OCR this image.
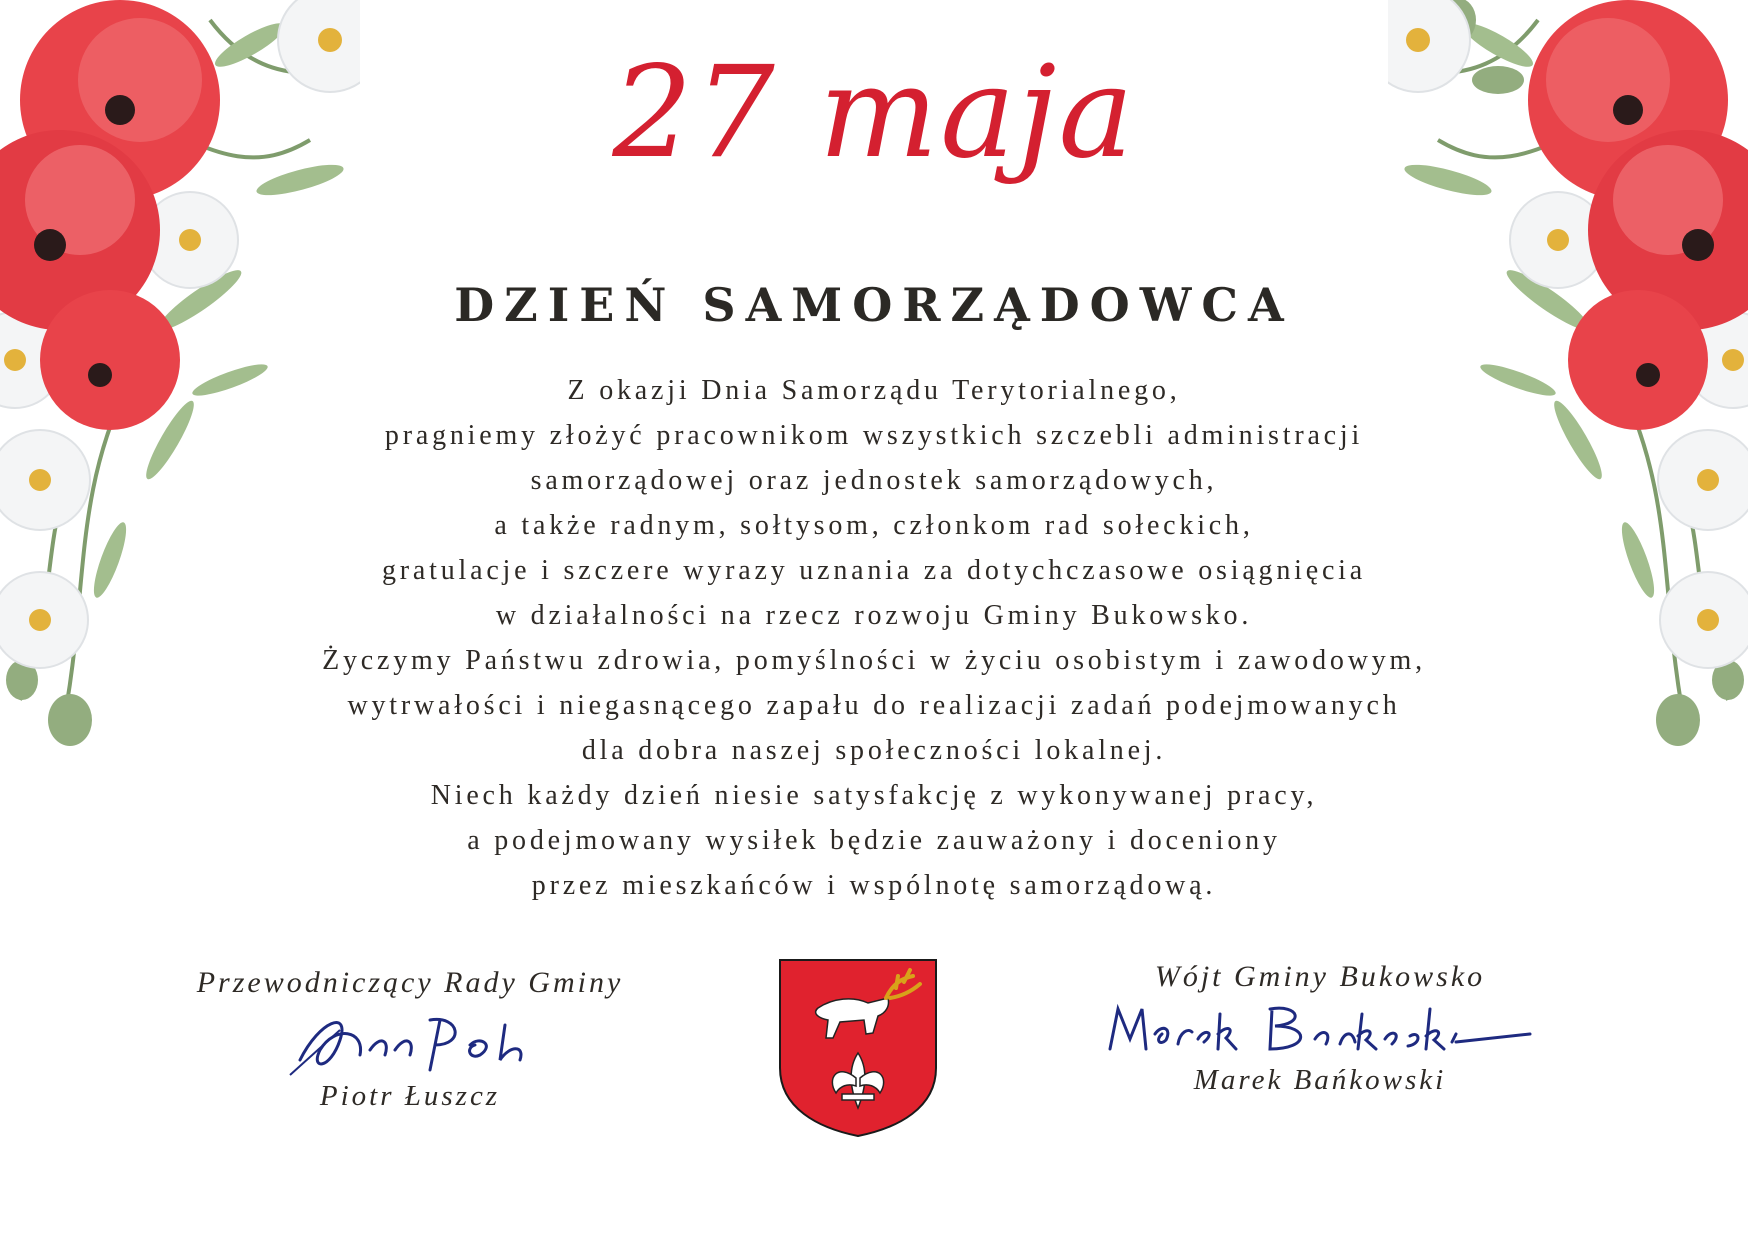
27 maja
DZIEŃ SAMORZĄDOWCA
Z okazji Dnia Samorządu Terytorialnego,
pragniemy złożyć pracownikom wszystkich szczebli administracji
samorządowej oraz jednostek samorządowych,
a także radnym, sołtysom, członkom rad sołeckich,
gratulacje i szczere wyrazy uznania za dotychczasowe osiągnięcia
w działalności na rzecz rozwoju Gminy Bukowsko.
Życzymy Państwu zdrowia, pomyślności w życiu osobistym i zawodowym,
wytrwałości i niegasnącego zapału do realizacji zadań podejmowanych
dla dobra naszej społeczności lokalnej.
Niech każdy dzień niesie satysfakcję z wykonywanej pracy,
a podejmowany wysiłek będzie zauważony i doceniony
przez mieszkańców i wspólnotę samorządową.
Przewodniczący Rady Gminy
Piotr Łuszcz
Wójt Gminy Bukowsko
Marek Bańkowski
